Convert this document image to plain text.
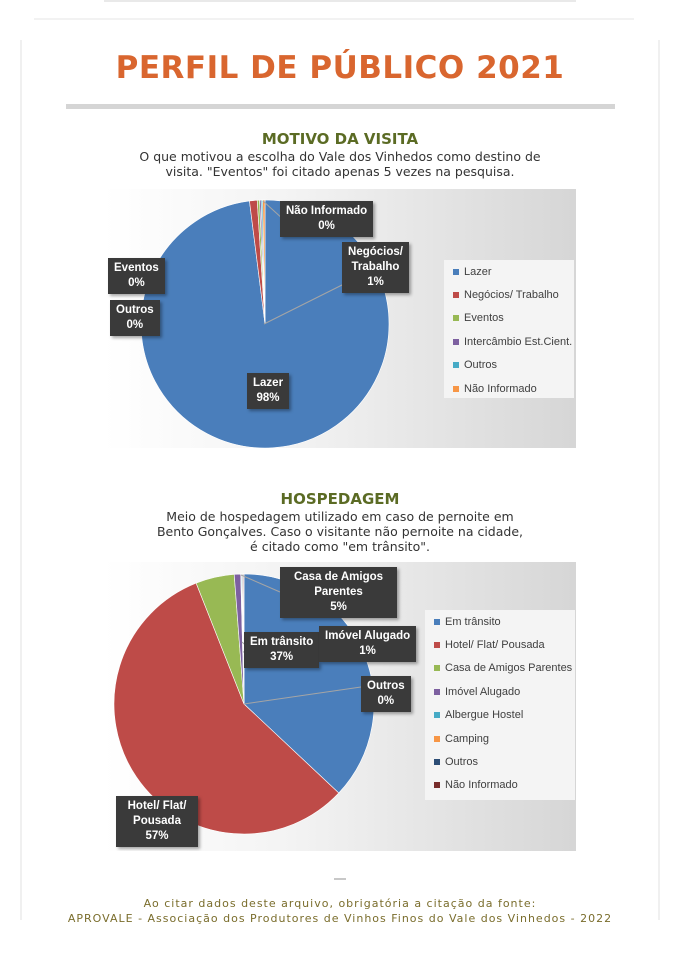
PERFIL DE PÚBLICO 2021
MOTIVO DA VISITA
O que motivou a escolha do Vale dos Vinhedos como destino de
visita. "Eventos" foi citado apenas 5 vezes na pesquisa.
Não Informado
0%
Negócios/ Trabalho
1%
Eventos
0%
Outros
0%
Lazer
98%
Lazer
Negócios/ Trabalho
Eventos
Intercâmbio Est.Cient.
Outros
Não Informado
HOSPEDAGEM
Meio de hospedagem utilizado em caso de pernoite em
Bento Gonçalves. Caso o visitante não pernoite na cidade,
é citado como "em trânsito".
Casa de Amigos Parentes
5%
Em trânsito
37%
Imóvel Alugado
1%
Outros
0%
Hotel/ Flat/ Pousada
57%
Em trânsito
Hotel/ Flat/ Pousada
Casa de Amigos Parentes
Imóvel Alugado
Albergue Hostel
Camping
Outros
Não Informado
Ao citar dados deste arquivo, obrigatória a citação da fonte:
APROVALE - Associação dos Produtores de Vinhos Finos do Vale dos Vinhedos - 2022
